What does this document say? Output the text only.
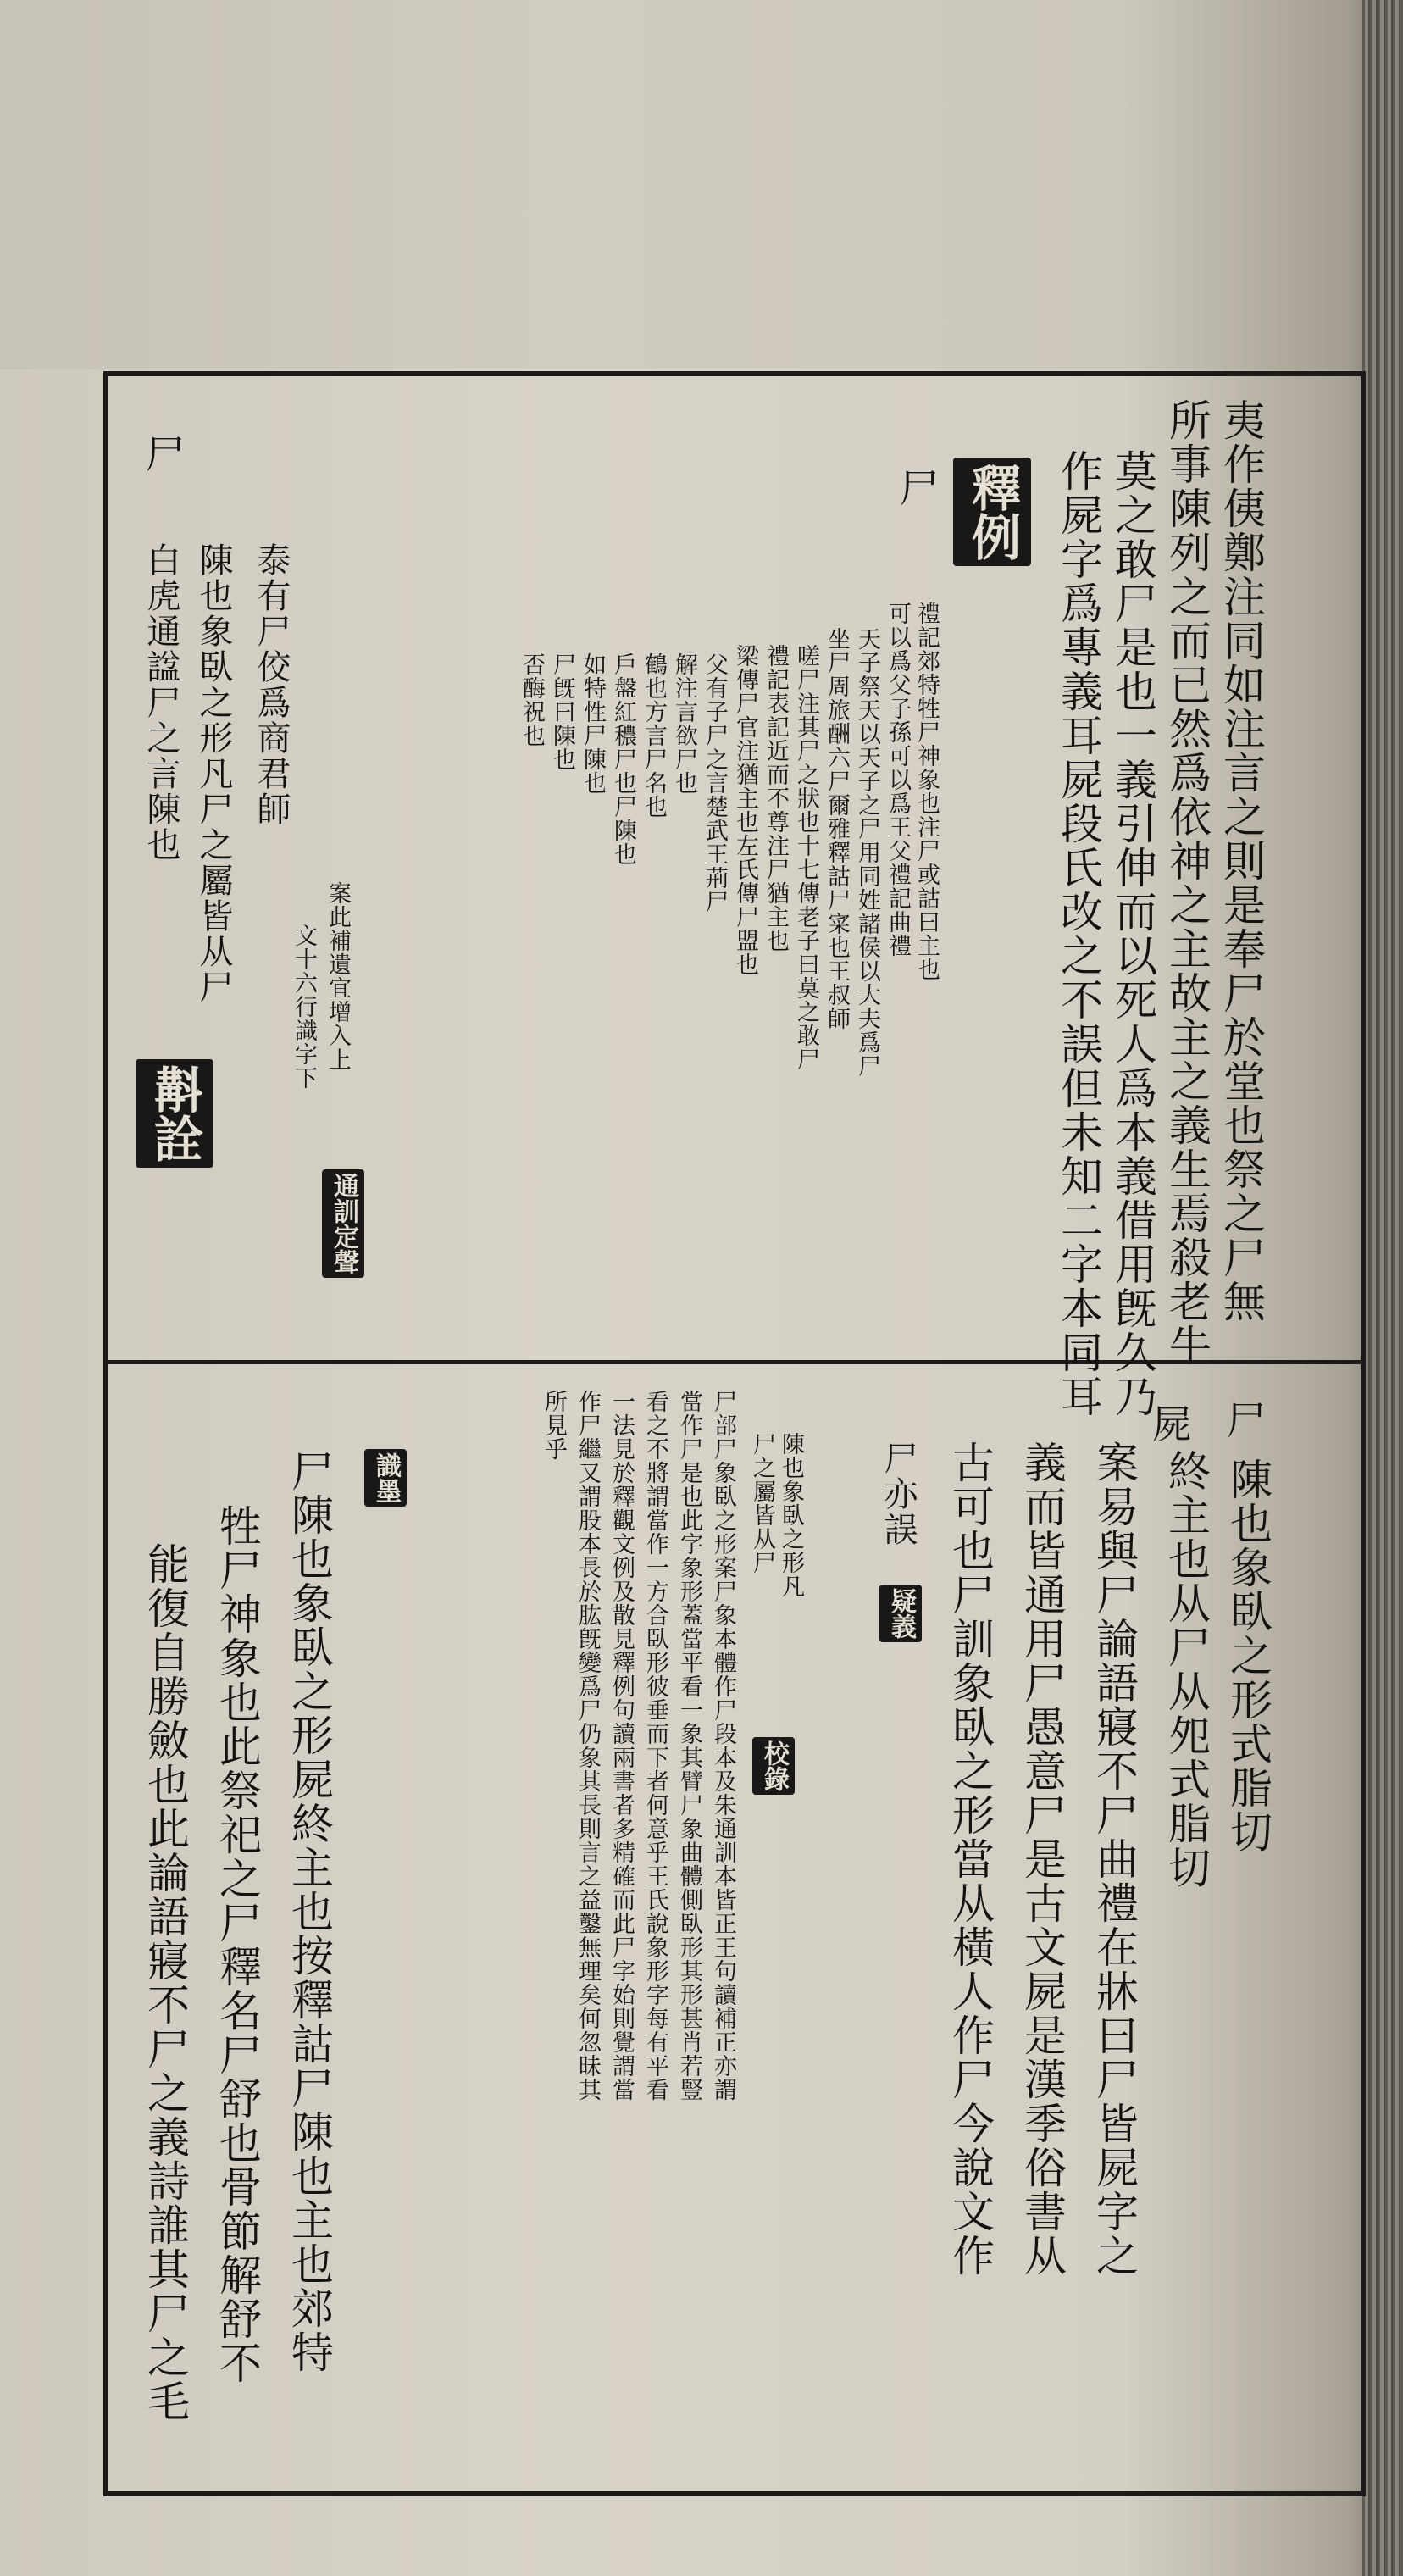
夷作侇鄭注同如注言之則是奉尸於堂也祭之尸無
所事陳列之而已然爲依神之主故主之義生焉殺老牛
莫之敢尸是也一義引伸而以死人爲本義借用旣久乃
作屍字爲專義耳屍段氏改之不誤但未知二字本同耳
釋例
尸
禮記郊特牲尸神象也注尸或詁曰主也
可以爲父子孫可以爲王父禮記曲禮
天子祭天以天子之尸用同姓諸侯以大夫爲尸
坐尸周旅酬六尸爾雅釋詁尸寀也王叔師
嗟尸注其尸之狀也十七傳老子曰莫之敢尸
禮記表記近而不尊注尸猶主也
梁傳尸官注猶主也左氏傳尸盟也
父有子尸之言楚武王荊尸
解注言欲尸也
鶴也方言尸名也
戶盤紅穠尸也尸陳也
如特性尸陳也
尸旣曰陳也
否酶祝也
通訓定聲
泰有尸佼爲商君師
文十六行識字下 案此補遺宜增入上
陳也象臥之形凡尸之屬皆从尸
白虎通諡尸之言陳也
尸
斠詮
尸
陳也象臥之形式脂切
屍
終主也从尸从夗式脂切
案易與尸論語寢不尸曲禮在牀曰尸皆屍字之
義而皆通用尸愚意尸是古文屍是漢季俗書从
古可也尸訓象臥之形當从橫人作尸今說文作
尸亦誤
疑義
陳也象臥之形凡
尸之屬皆从尸
校錄
尸部尸象臥之形案尸象本體作尸段本及朱通訓本皆正王句讀補正亦謂
當作尸是也此字象形蓋當平看一象其臂尸象曲體側臥形其形甚肖若豎
看之不將謂當作一方合臥形彼垂而下者何意乎王氏說象形字每有平看
一法見於釋觀文例及散見釋例句讀兩書者多精確而此尸字始則覺謂當
作尸繼又謂股本長於肱旣變爲尸仍象其長則言之益鑿無理矣何忽昧其
所見乎
識墨
尸陳也象臥之形屍終主也按釋詁尸陳也主也郊特
牲尸神象也此祭祀之尸釋名尸舒也骨節解舒不
能復自勝斂也此論語寢不尸之義詩誰其尸之毛
